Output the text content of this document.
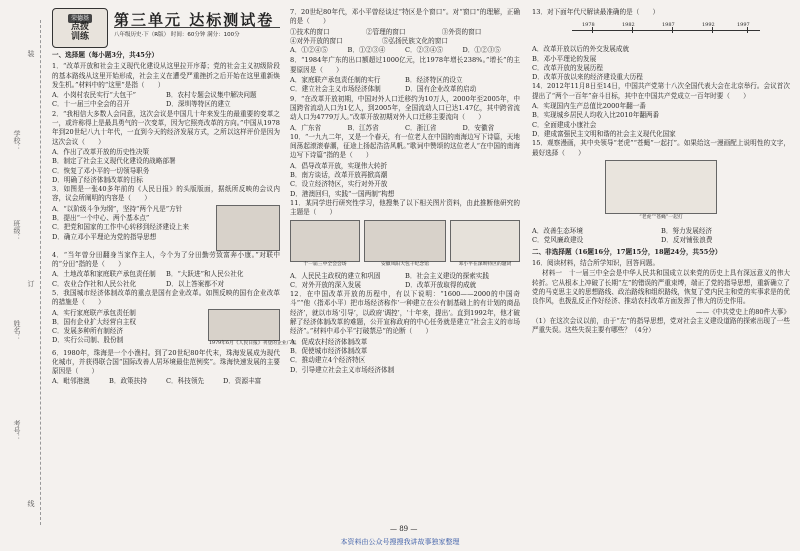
学校：
班级：
姓名：
考号：
装
订
线
荣德基
点拨
训练
第三单元 达标测试卷
八年级历史·下（R版） 时间：60分钟 满分：100分
一、选择题（每小题3分，共45分）
1．“改革开放和社会主义现代化建设从这里拉开序幕；党的社会主义初级阶段的基本路线从这里开始形成，社会主义在遭受严重挫折之后开始在这里重新焕发生机。”材料中的“这里”是指（　　）
A．小岗村农民实行“大包干”	B．农村专题会议集中解决问题
C．十一届三中全会的召开	D．深圳等特区的建立
2．“我相信大多数人会同意，这次会议是中国几十年来发生的最重要的变革之一，或许称得上是最具勇气的一次变革，因为它照亮改革的方向。”中国从1978年到20世纪八九十年代，一直到今天的经济发展方式，之所以这样评价是因为这次会议（　　）
A．作出了改革开放的历史性决策
B．制定了社会主义现代化建设的战略部署
C．恢复了邓小平的一切领导职务
D．明确了经济体制改革的目标
3．如图是一张40多年前的《人民日报》的头版版面，据纸所反映的会议内容，议会所阐明的内容是（　　）
A．“以阶级斗争为纲”，坚持“两个凡是”方针
B．提出“一个中心、两个基本点”
C．把党和国家的工作中心转移到经济建设上来
D．确立邓小平理论为党的指导思想
4．“当年曾分田翻身当家作主人，今个为了分田勤劳致富奔小康。”对联中的“分田”指的是（　　）
A．土地改革和家庭联产承包责任制	B．“大跃进”和人民公社化
C．农业合作社和人民公社化	D．以上答案都不对
5．我国城市经济体制改革的重点是国有企业改革。如图反映的国有企业改革的措施是（　　）
A．实行家庭联产承包责任制
B．国有企业扩大经营自主权
C．发展多种所有制经济
D．实行公司制、股份制	1979年6月《人民日报》刊登的企业广告
6．1980年，珠海是一个小渔村。到了20世纪80年代末，珠海发展成为现代化城市，并获得联合国“国际改善人居环境最佳范例奖”。珠海快速发展的主要原因是（　　）
A．毗邻港澳	B．政策扶持	C．科技领先	D．资源丰富
7．20世纪80年代，邓小平曾经谈过“特区是个窗口”。对“窗口”的理解，正确的是（　　）
①技术的窗口	②管理的窗口	③外资的窗口
④对外开放的窗口	⑤弘扬民族文化的窗口
A．①②④⑤	B．①②③④	C．②③④⑤	D．①②③⑤
8．“1984年广东的出口额超过1000亿元，比1978年增长238%。”增长”的主要原因是（　　）
A．家庭联产承包责任制的实行	B．经济特区的设立
C．建立社会主义市场经济体制	D．国有企业改革的启动
9．“在改革开放初期，中国对外人口迁移约为10万人，2000年至2005年，中国跨省流动人口为1亿人，到2005年，全国流动人口已达1.47亿，其中跨省流动人口为4779万人。”改革开放初期对外人口迁移主要流向（　　）
A．广东省	B．江苏省	C．浙江省	D．安徽省
10．“一九九二年，又是一个春天，有一位老人在中国的南海边写下诗篇，天地间荡起滚滚春潮，征途上扬起浩浩风帆。”歌词中赞颂的这位老人“在中国的南海边写下诗篇”指的是（　　）
A．倡导改革开放，实现伟大转折
B．南方谈话，改革开放再掀高潮
C．设立经济特区，实行对外开放
D．港澳回归，实践“一国两制”构想
11．某同学进行研究性学习，他搜集了以下相关图片资料，由此推断他研究的主题是（　　）
十一届三中全会会场	安徽凤阳大包干纪念馆	邓小平在深圳特区的题词
A．人民民主政权的建立和巩固	B．社会主义建设的探索实践
C．对外开放的深入发展	D．改革开放取得的成就
12．在中国改革开放的历程中，有以下说明：“1600——2000的中国奇斗”“他（指邓小平）把市场经济称作‘一种建立在公有制基础上的有计划的商品经济’，就以市场‘引导’，以政府‘调控’，‘十年来，提出’。直到1992年，他才破解了经济体制改革的难题，公开宣称政府的中心任务就是建立“社会主义的市场经济”。”材料中邓小平“打破禁忌”的论断（　　）
A．促成农村经济体制改革
B．促使城市经济体制改革
C．推动建立4个经济特区
D．引导建立社会主义市场经济体制
13．对下面年代尺解读最准确的是（　　）
1978	1982	1987	1992	1997
A．改革开放以后的外交发展成就
B．邓小平理论的发展
C．改革开放的发展历程
D．改革开放以来的经济建设重大历程
14．2012年11月8日至14日，中国共产党第十八次全国代表大会在北京举行。会议首次提出了“两个一百年”奋斗目标，其中在中国共产党成立一百年时要（　　）
A．实现国内生产总值比2000年翻一番
B．实现城乡居民人均收入比2010年翻两番
C．全面建成小康社会
D．建成富强民主文明和谐的社会主义现代化国家
15．观察漫画，其中央领导“老虎”“苍蝇”一起打”。如果给这一漫画配上说明性的文字，最好选择（　　）
“老虎”“苍蝇”一起打
A．改善生态环境	B．努力发展经济
C．党风廉政建设	D．反对铺张浪费
二、非选择题（16题16分，17题15分，18题24分，共55分）
16．阅读材料，结合所学知识，回答问题。
材料一　十一届三中全会是中华人民共和国成立以来党的历史上具有深远意义的伟大转折。它从根本上冲破了长期“左”的错误的严重束缚，端正了党的指导思想，重新确立了党的马克思主义的思想路线、政治路线和组织路线，恢复了党内民主和党的实事求是的优良作风，也拨乱反正作好经济、推动农村改革方面发挥了伟大的历史作用。
——《中共党史上的80件大事》
（1）在这次会议以前，由于“左”的指导思想，党对社会主义建设道路的探索出现了一些严重失误。这些失误主要有哪些？（4分）
— 89 —
本资料由公众号搜搜我讲故事独家整理
